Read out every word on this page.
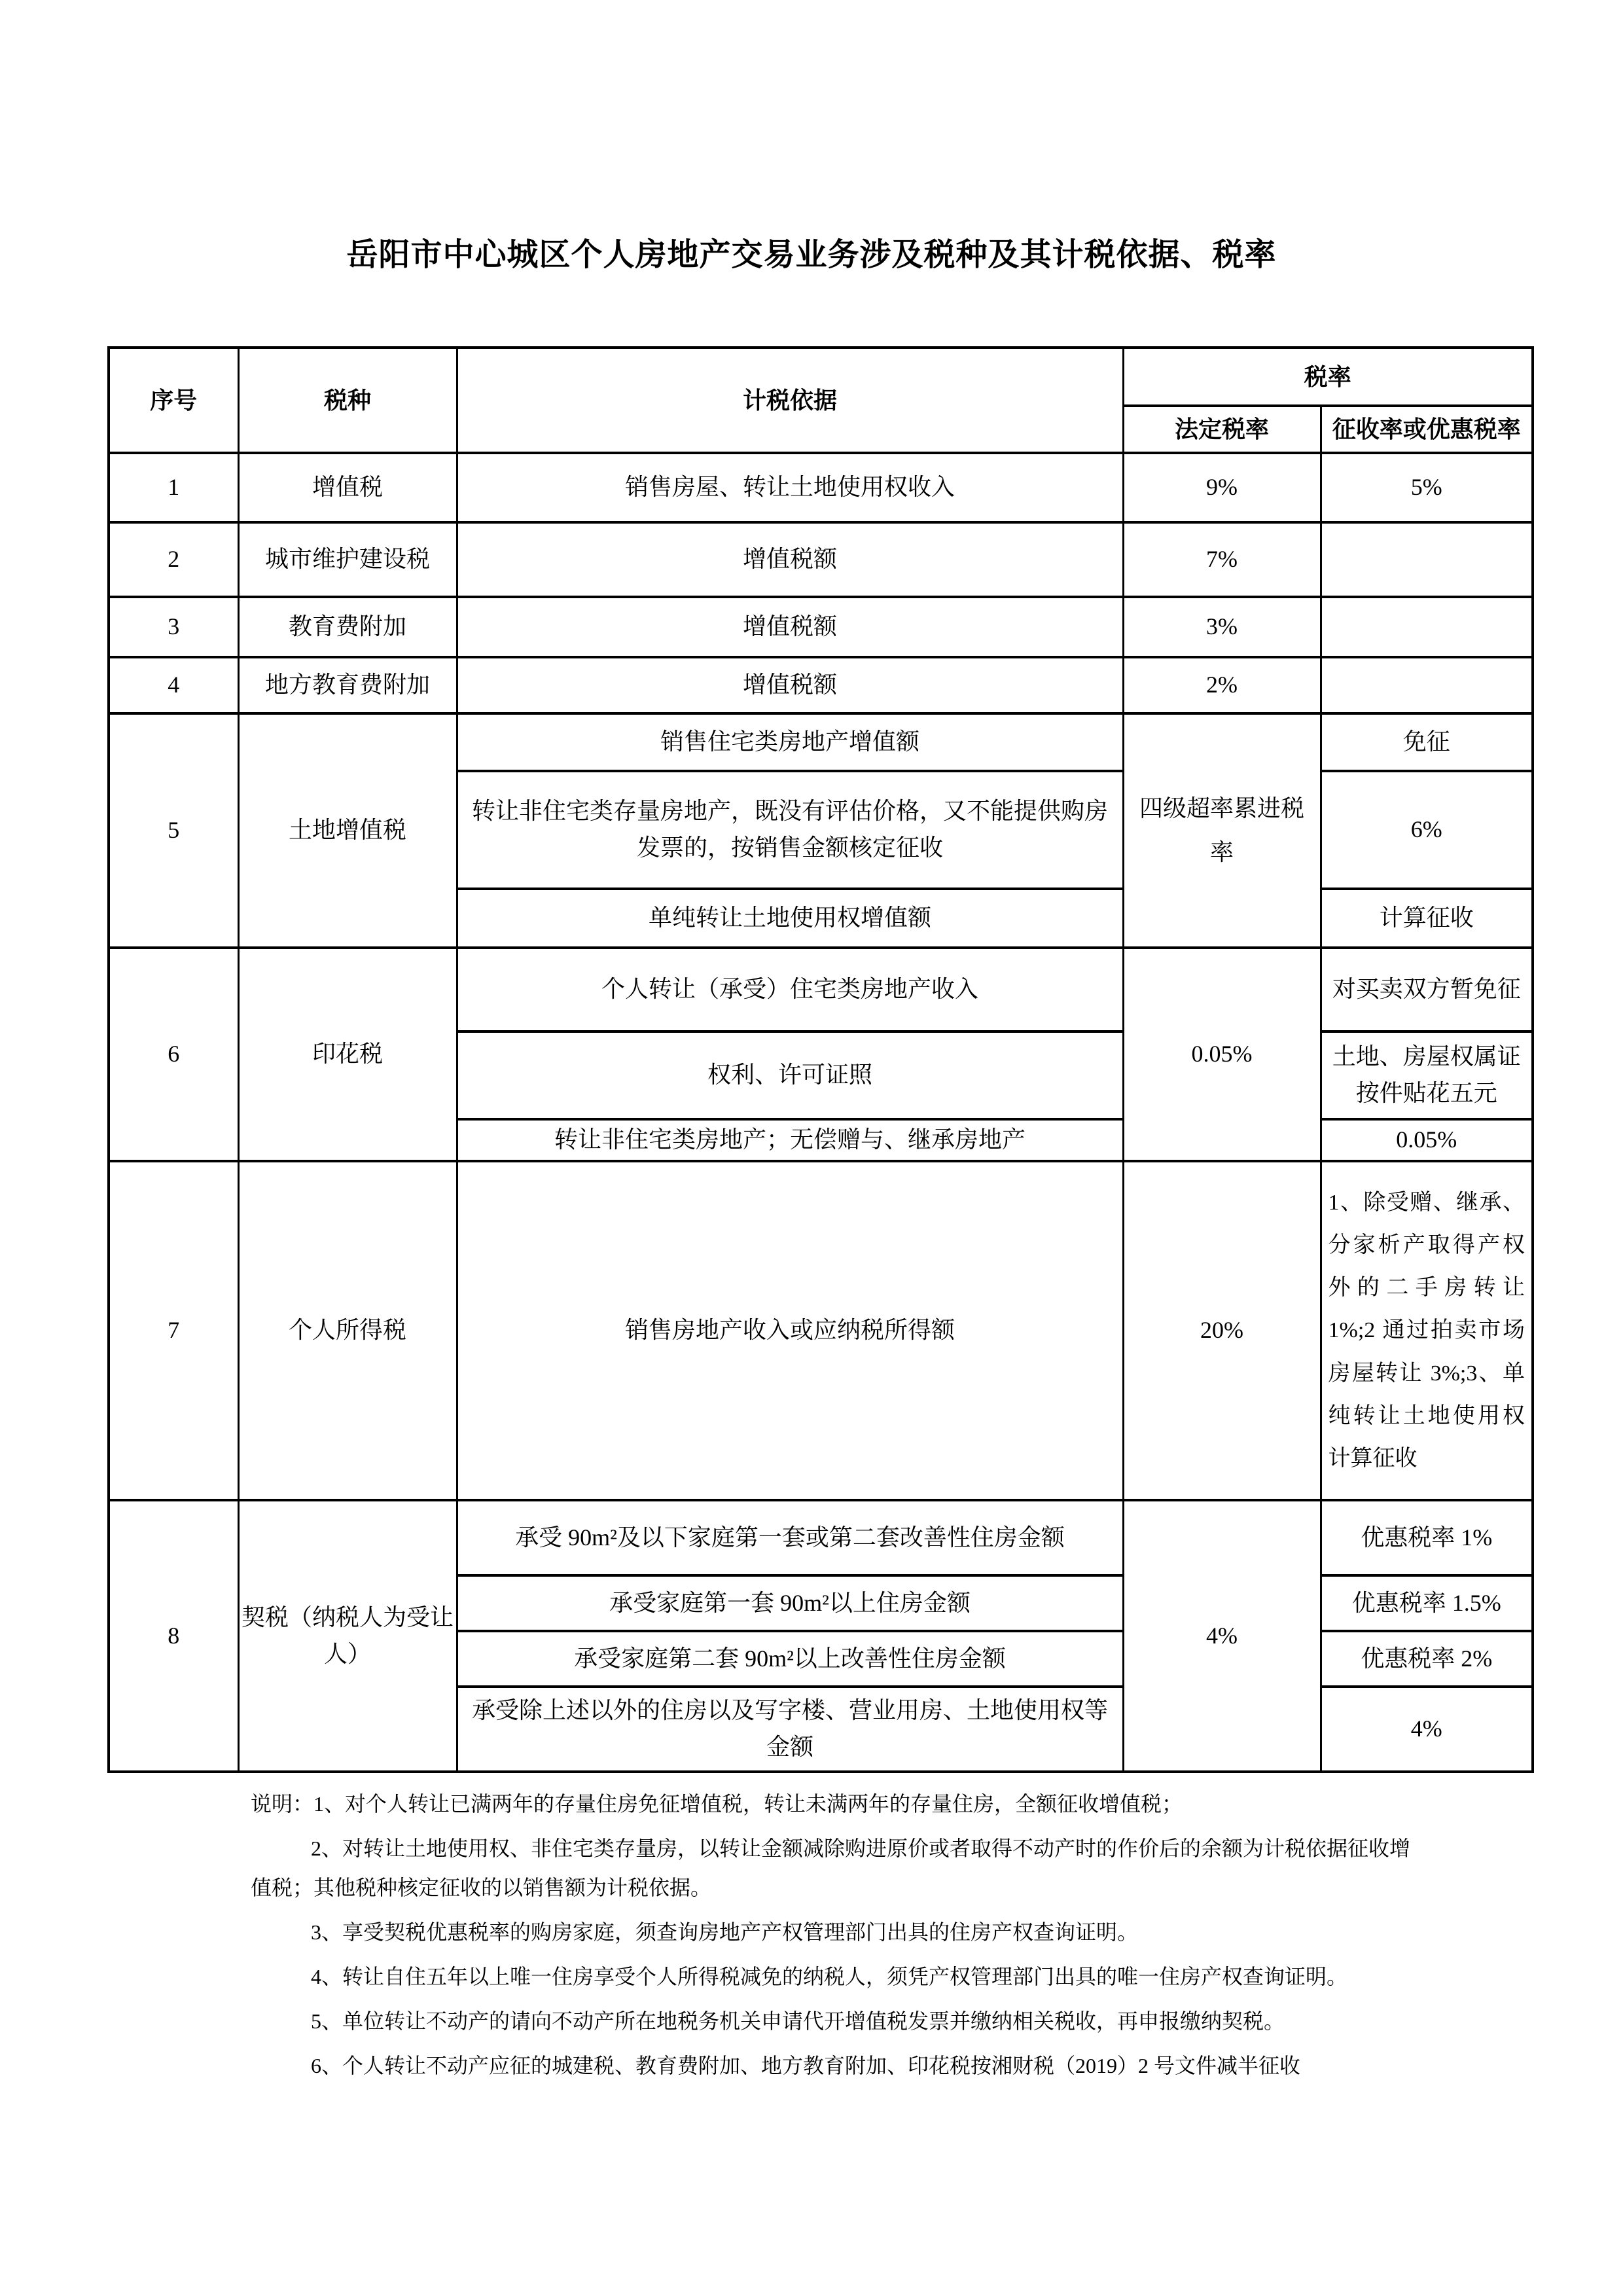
岳阳市中心城区个人房地产交易业务涉及税种及其计税依据、税率
序号	税种	计税依据	税率	
			法定税率	征收率或优惠税率
1	增值税	销售房屋、转让土地使用权收入	9%	5%
2	城市维护建设税	增值税额	7%	
3	教育费附加	增值税额	3%	
4	地方教育费附加	增值税额	2%	
5	土地增值税	销售住宅类房地产增值额	四级超率累进税率	免征
		转让非住宅类存量房地产，既没有评估价格，又不能提供购房发票的，按销售金额核定征收		6%
		单纯转让土地使用权增值额		计算征收
6	印花税	个人转让（承受）住宅类房地产收入	0.05%	对买卖双方暂免征
		权利、许可证照		土地、房屋权属证按件贴花五元
		转让非住宅类房地产；无偿赠与、继承房地产		0.05%
7	个人所得税	销售房地产收入或应纳税所得额	20%	1、除受赠、继承、分家析产取得产权外的二手房转让1%;2 通过拍卖市场房屋转让 3%;3、单纯转让土地使用权计算征收

8	契税（纳税人为受让人）	承受 90m²及以下家庭第一套或第二套改善性住房金额	4%	优惠税率 1%
		承受家庭第一套 90m²以上住房金额		优惠税率 1.5%
		承受家庭第二套 90m²以上改善性住房金额		优惠税率 2%
		承受除上述以外的住房以及写字楼、营业用房、土地使用权等金额		4%

说明：1、对个人转让已满两年的存量住房免征增值税，转让未满两年的存量住房，全额征收增值税；

2、对转让土地使用权、非住宅类存量房，以转让金额减除购进原价或者取得不动产时的作价后的余额为计税依据征收增值税；其他税种核定征收的以销售额为计税依据。

3、享受契税优惠税率的购房家庭，须查询房地产产权管理部门出具的住房产权查询证明。

4、转让自住五年以上唯一住房享受个人所得税减免的纳税人，须凭产权管理部门出具的唯一住房产权查询证明。

5、单位转让不动产的请向不动产所在地税务机关申请代开增值税发票并缴纳相关税收，再申报缴纳契税。

6、个人转让不动产应征的城建税、教育费附加、地方教育附加、印花税按湘财税（2019）2 号文件减半征收
